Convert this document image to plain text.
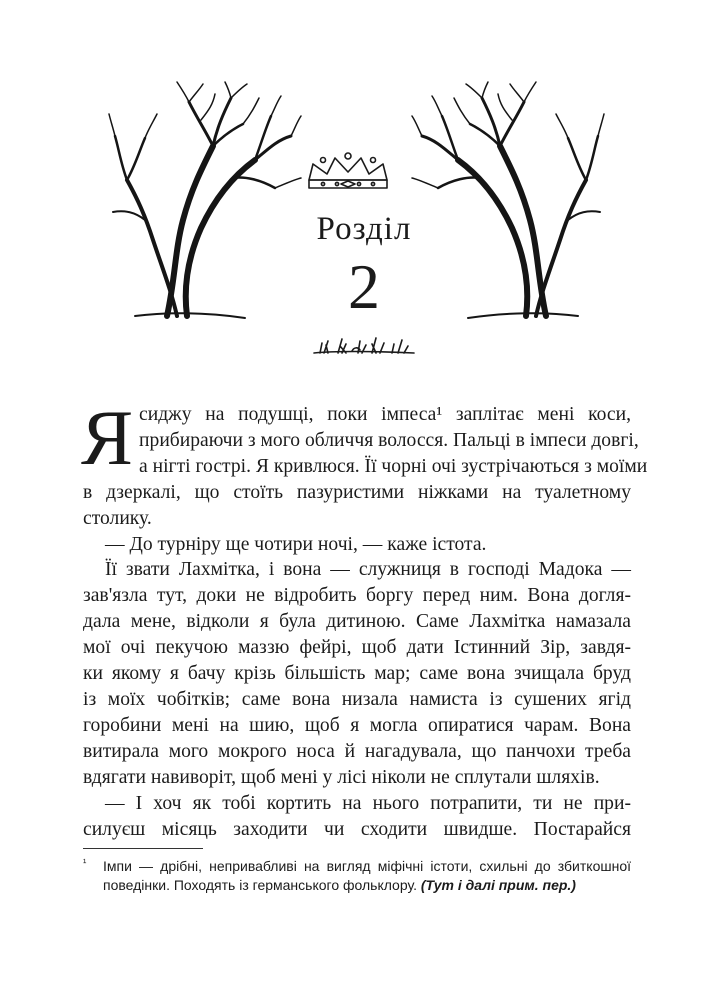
Розділ
2

Ясиджу на подушці, поки імпеса¹ заплітає мені коси,

прибираючи з мого обличчя волосся. Пальці в імпеси довгі,

а нігті гострі. Я кривлюся. Її чорні очі зустрічаються з моїми

в дзеркалі, що стоїть пазуристими ніжками на туалетному

столику.

— До турніру ще чотири ночі, — каже істота.

Її звати Лахмітка, і вона — служниця в господі Мадока —

зав'язла тут, доки не відробить боргу перед ним. Вона догля-

дала мене, відколи я була дитиною. Саме Лахмітка намазала

мої очі пекучою маззю фейрі, щоб дати Істинний Зір, завдя-

ки якому я бачу крізь більшість мар; саме вона зчищала бруд

із моїх чобітків; саме вона низала намиста із сушених ягід

горобини мені на шию, щоб я могла опиратися чарам. Вона

витирала мого мокрого носа й нагадувала, що панчохи треба

вдягати навиворіт, щоб мені у лісі ніколи не сплутали шляхів.

— І хоч як тобі кортить на нього потрапити, ти не при-

силуєш місяць заходити чи сходити швидше. Постарайся

¹ Імпи — дрібні, непривабливі на вигляд міфічні істоти, схильні до збиткошної
поведінки. Походять із германського фольклору. (Тут і далі прим. пер.)
